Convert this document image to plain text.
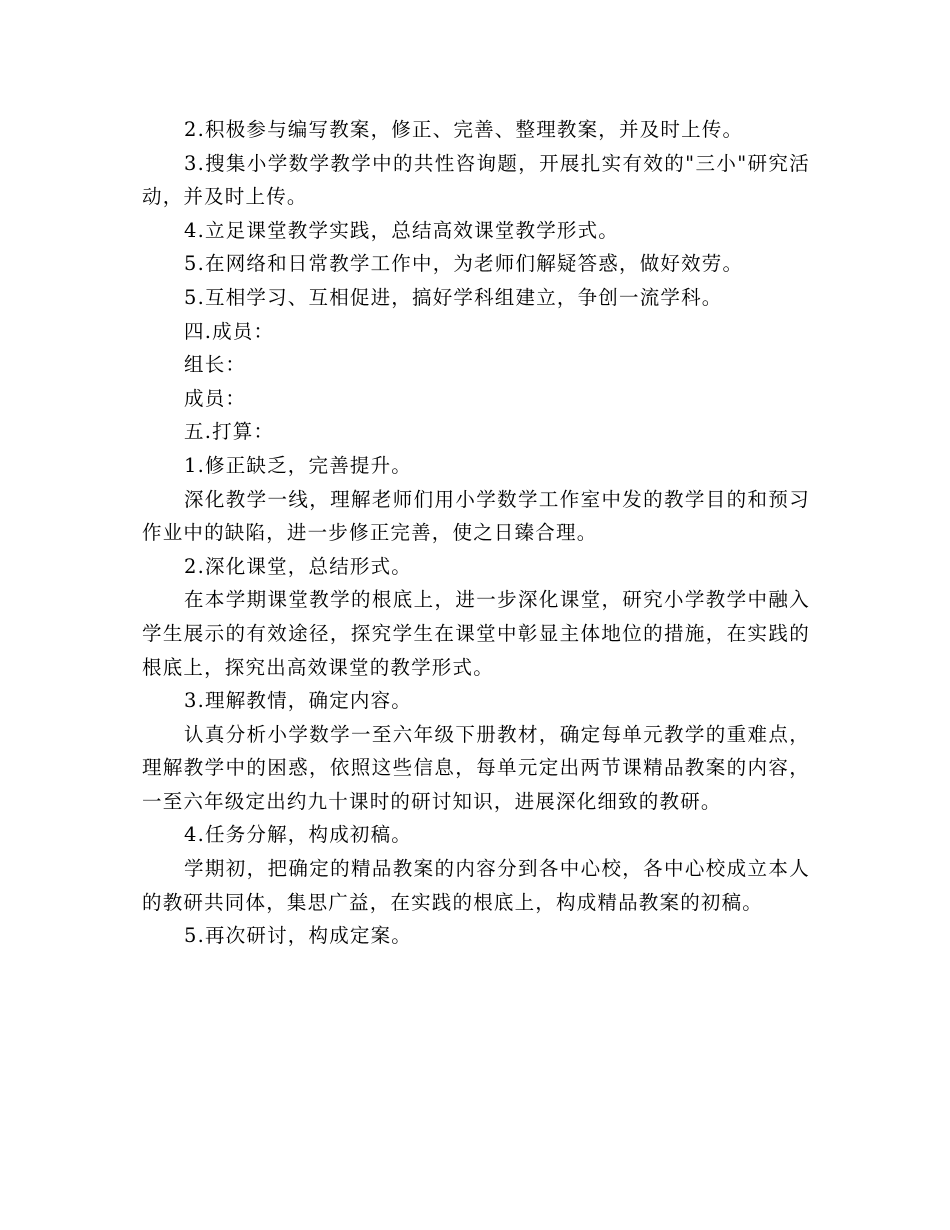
2.积极参与编写教案，修正、完善、整理教案，并及时上传。

3.搜集小学数学教学中的共性咨询题，开展扎实有效的"三小"研究活动，并及时上传。

4.立足课堂教学实践，总结高效课堂教学形式。

5.在网络和日常教学工作中，为老师们解疑答惑，做好效劳。

5.互相学习、互相促进，搞好学科组建立，争创一流学科。

四.成员：

组长：

成员：

五.打算：

1.修正缺乏，完善提升。

深化教学一线，理解老师们用小学数学工作室中发的教学目的和预习作业中的缺陷，进一步修正完善，使之日臻合理。

2.深化课堂，总结形式。

在本学期课堂教学的根底上，进一步深化课堂，研究小学教学中融入学生展示的有效途径，探究学生在课堂中彰显主体地位的措施，在实践的根底上，探究出高效课堂的教学形式。

3.理解教情，确定内容。

认真分析小学数学一至六年级下册教材，确定每单元教学的重难点，理解教学中的困惑，依照这些信息，每单元定出两节课精品教案的内容，一至六年级定出约九十课时的研讨知识，进展深化细致的教研。

4.任务分解，构成初稿。

学期初，把确定的精品教案的内容分到各中心校，各中心校成立本人的教研共同体，集思广益，在实践的根底上，构成精品教案的初稿。

5.再次研讨，构成定案。
